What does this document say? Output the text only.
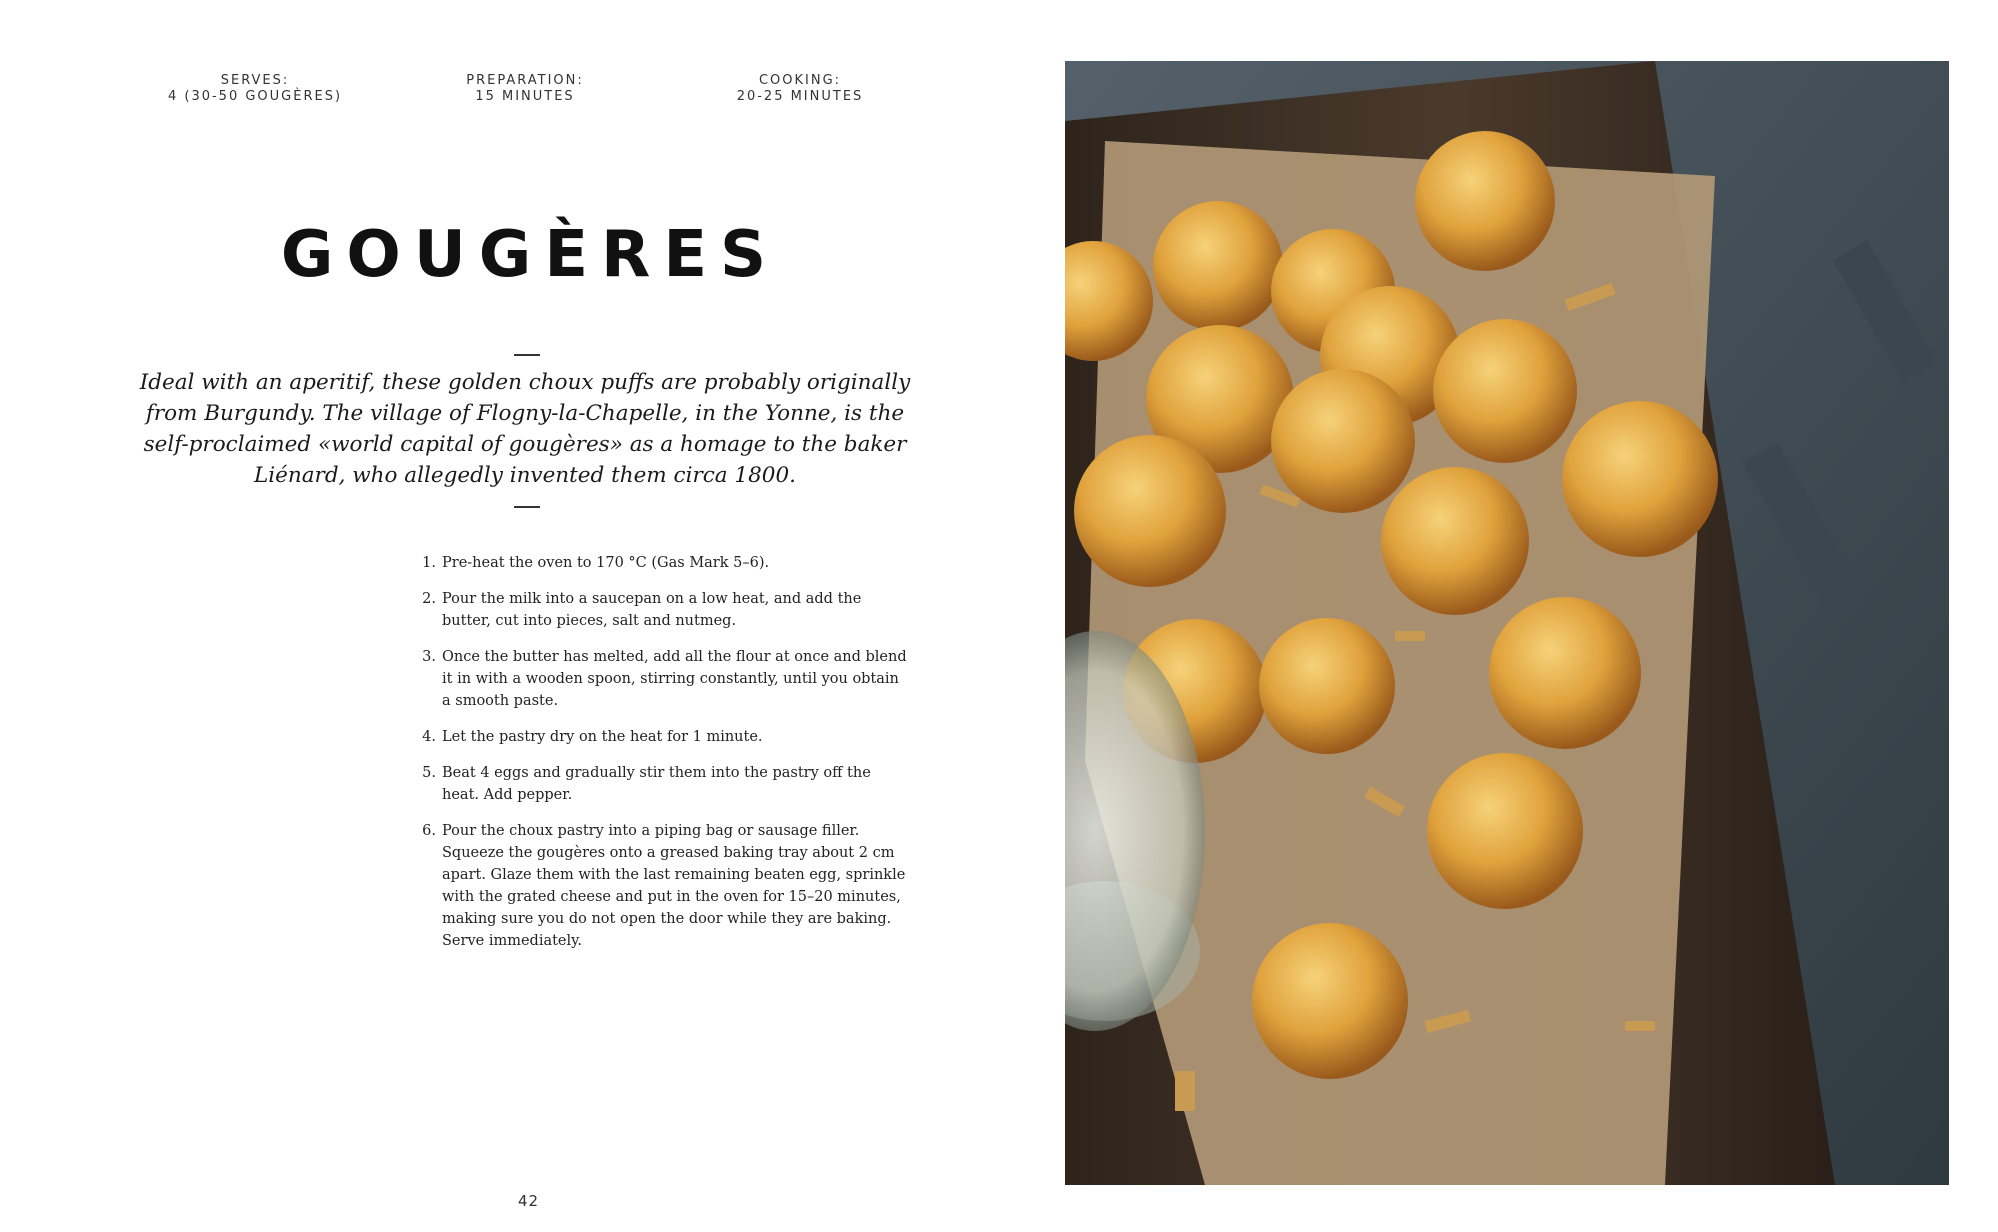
SERVES:
4 (30-50 GOUGÈRES)
PREPARATION:
15 MINUTES
COOKING:
20-25 MINUTES
GOUGÈRES
Ideal with an aperitif, these golden choux puffs are probably originally from Burgundy. The village of Flogny-la-Chapelle, in the Yonne, is the self-proclaimed «world capital of gougères» as a homage to the baker Liénard, who allegedly invented them circa 1800.
1. Pre-heat the oven to 170 °C (Gas Mark 5–6).
2. Pour the milk into a saucepan on a low heat, and add the butter, cut into pieces, salt and nutmeg.
3. Once the butter has melted, add all the flour at once and blend it in with a wooden spoon, stirring constantly, until you obtain a smooth paste.
4. Let the pastry dry on the heat for 1 minute.
5. Beat 4 eggs and gradually stir them into the pastry off the heat. Add pepper.
6. Pour the choux pastry into a piping bag or sausage filler. Squeeze the gougères onto a greased baking tray about 2 cm apart. Glaze them with the last remaining beaten egg, sprinkle with the grated cheese and put in the oven for 15–20 minutes, making sure you do not open the door while they are baking. Serve immediately.
42
